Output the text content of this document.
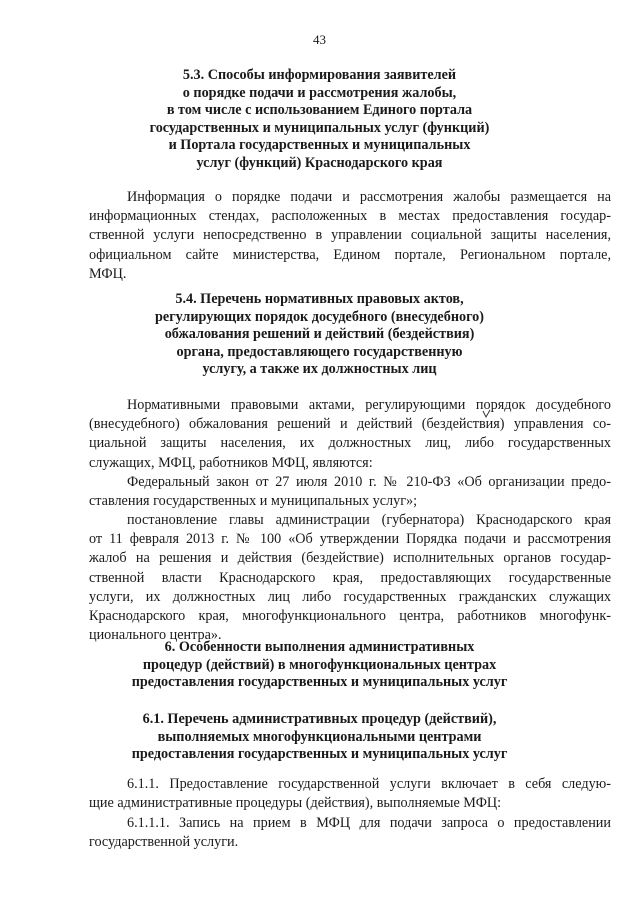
43
5.3. Способы информирования заявителей
о порядке подачи и рассмотрения жалобы,
в том числе с использованием Единого портала
государственных и муниципальных услуг (функций)
и Портала государственных и муниципальных
услуг (функций) Краснодарского края
Информация о порядке подачи и рассмотрения жалобы размещается на
информационных стендах, расположенных в местах предоставления государ-
ственной услуги непосредственно в управлении социальной защиты населения,
официальном сайте министерства, Едином портале, Региональном портале,
МФЦ.
5.4. Перечень нормативных правовых актов,
регулирующих порядок досудебного (внесудебного)
обжалования решений и действий (бездействия)
органа, предоставляющего государственную
услугу, а также их должностных лиц
Нормативными правовыми актами, регулирующими порядок досудебного
(внесудебного) обжалования решений и действий (бездействия) управления со-
циальной защиты населения, их должностных лиц, либо государственных
служащих, МФЦ, работников МФЦ, являются:
Федеральный закон от 27 июля 2010 г. № 210-ФЗ «Об организации предо-
ставления государственных и муниципальных услуг»;
постановление главы администрации (губернатора) Краснодарского края
от 11 февраля 2013 г. № 100 «Об утверждении Порядка подачи и рассмотрения
жалоб на решения и действия (бездействие) исполнительных органов государ-
ственной власти Краснодарского края, предоставляющих государственные
услуги, их должностных лиц либо государственных гражданских служащих
Краснодарского края, многофункционального центра, работников многофунк-
ционального центра».
6. Особенности выполнения административных
процедур (действий) в многофункциональных центрах
предоставления государственных и муниципальных услуг
6.1. Перечень административных процедур (действий),
выполняемых многофункциональными центрами
предоставления государственных и муниципальных услуг
6.1.1. Предоставление государственной услуги включает в себя следую-
щие административные процедуры (действия), выполняемые МФЦ:
6.1.1.1. Запись на прием в МФЦ для подачи запроса о предоставлении
государственной услуги.
